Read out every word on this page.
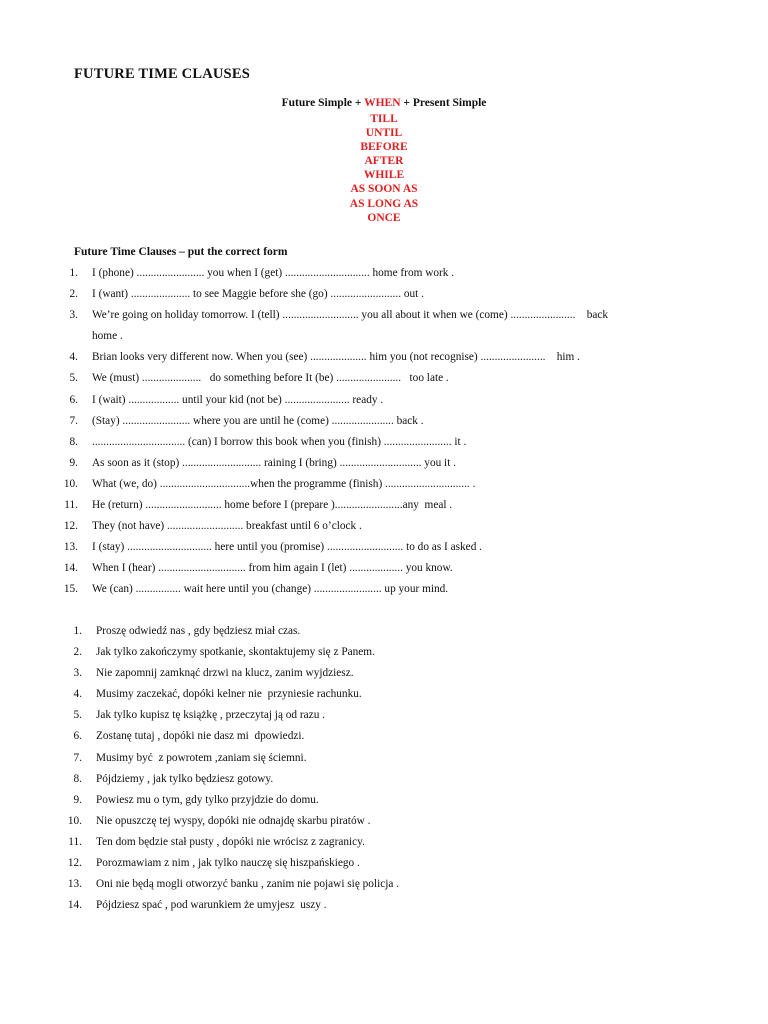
FUTURE TIME CLAUSES
Future Simple + WHEN + Present Simple
TILL
UNTIL
BEFORE
AFTER
WHILE
AS SOON AS
AS LONG AS
ONCE
Future Time Clauses – put the correct form
1. I (phone) ........................ you when I (get) .............................. home from work .
2. I (want) ..................... to see Maggie before she (go) ......................... out .
3. We’re going on holiday tomorrow. I (tell) ........................... you all about it when we (come) .......................    back
home .
4. Brian looks very different now. When you (see) .................... him you (not recognise) .......................    him .
5. We (must) .....................   do something before It (be) .......................   too late .
6. I (wait) .................. until your kid (not be) ....................... ready .
7. (Stay) ........................ where you are until he (come) ...................... back .
8. ................................. (can) I borrow this book when you (finish) ........................ it .
9. As soon as it (stop) ............................ raining I (bring) ............................. you it .
10. What (we, do) ................................when the programme (finish) .............................. .
11. He (return) ........................... home before I (prepare )........................any  meal .
12. They (not have) ........................... breakfast until 6 o’clock .
13. I (stay) .............................. here until you (promise) ........................... to do as I asked .
14. When I (hear) ............................... from him again I (let) ................... you know.
15. We (can) ................ wait here until you (change) ........................ up your mind.
1. Proszę odwiedź nas , gdy będziesz miał czas.
2. Jak tylko zakończymy spotkanie, skontaktujemy się z Panem.
3. Nie zapomnij zamknąć drzwi na klucz, zanim wyjdziesz.
4. Musimy zaczekać, dopóki kelner nie  przyniesie rachunku.
5. Jak tylko kupisz tę książkę , przeczytaj ją od razu .
6. Zostanę tutaj , dopóki nie dasz mi  dpowiedzi.
7. Musimy być  z powrotem ,zaniam się ściemni.
8. Pójdziemy , jak tylko będziesz gotowy.
9. Powiesz mu o tym, gdy tylko przyjdzie do domu.
10. Nie opuszczę tej wyspy, dopóki nie odnajdę skarbu piratów .
11. Ten dom będzie stał pusty , dopóki nie wrócisz z zagranicy.
12. Porozmawiam z nim , jak tylko nauczę się hiszpańskiego .
13. Oni nie będą mogli otworzyć banku , zanim nie pojawi się policja .
14. Pójdziesz spać , pod warunkiem że umyjesz  uszy .
